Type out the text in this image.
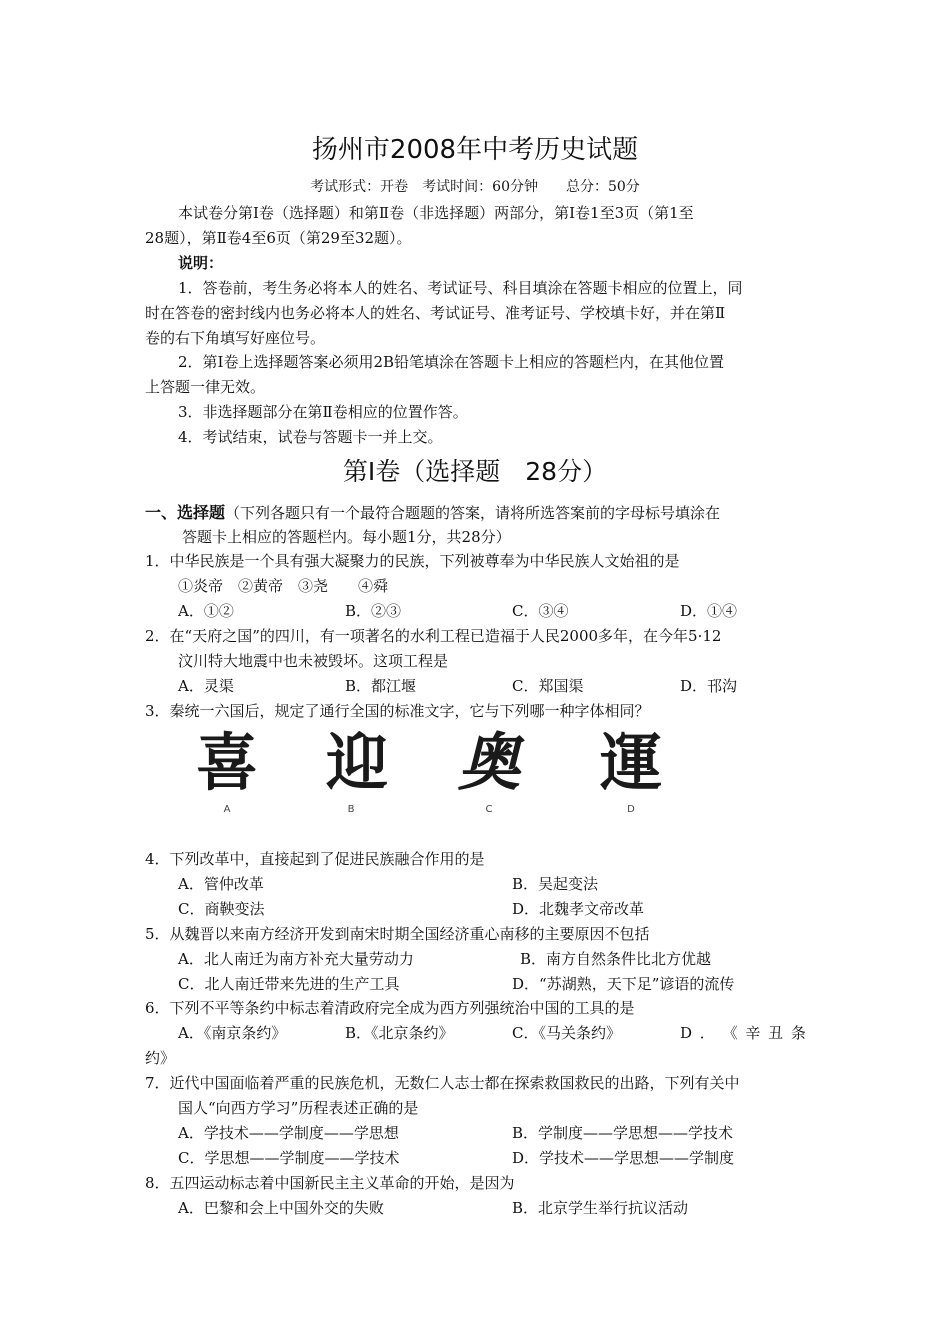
扬州市2008年中考历史试题
考试形式：开卷　考试时间：60分钟　　总分：50分
本试卷分第Ⅰ卷（选择题）和第Ⅱ卷（非选择题）两部分，第Ⅰ卷1至3页（第1至
28题），第Ⅱ卷4至6页（第29至32题）。
说明：
1．答卷前，考生务必将本人的姓名、考试证号、科目填涂在答题卡相应的位置上，同
时在答卷的密封线内也务必将本人的姓名、考试证号、准考证号、学校填卡好，并在第Ⅱ
卷的右下角填写好座位号。
2．第Ⅰ卷上选择题答案必须用2B铅笔填涂在答题卡上相应的答题栏内，在其他位置
上答题一律无效。
3．非选择题部分在第Ⅱ卷相应的位置作答。
4．考试结束，试卷与答题卡一并上交。
第Ⅰ卷（选择题　28分）
一、选择题（下列各题只有一个最符合题题的答案，请将所选答案前的字母标号填涂在
答题卡上相应的答题栏内。每小题1分，共28分）
1．中华民族是一个具有强大凝聚力的民族，下列被尊奉为中华民族人文始祖的是
①炎帝　②黄帝　③尧　　④舜
A．①②	B．②③	C．③④	D．①④
2．在“天府之国”的四川，有一项著名的水利工程已造福于人民2000多年，在今年5·12
汶川特大地震中也未被毁坏。这项工程是
A．灵渠	B．都江堰	C．郑国渠	D．邗沟
3．秦统一六国后，规定了通行全国的标准文字，它与下列哪一种字体相同？
喜 迎 奥 運
A	B	C	D
4．下列改革中，直接起到了促进民族融合作用的是
A．管仲改革	B．吴起变法
C．商鞅变法	D．北魏孝文帝改革
5．从魏晋以来南方经济开发到南宋时期全国经济重心南移的主要原因不包括
A．北人南迁为南方补充大量劳动力	B．南方自然条件比北方优越
C．北人南迁带来先进的生产工具	D．“苏湖熟，天下足”谚语的流传
6．下列不平等条约中标志着清政府完全成为西方列强统治中国的工具的是
A．《南京条约》	B．《北京条约》	C．《马关条约》	D ． 《 辛 丑 条
约》
7．近代中国面临着严重的民族危机，无数仁人志士都在探索救国救民的出路，下列有关中
国人“向西方学习”历程表述正确的是
A．学技术——学制度——学思想	B．学制度——学思想——学技术
C．学思想——学制度——学技术	D．学技术——学思想——学制度
8．五四运动标志着中国新民主主义革命的开始，是因为
A．巴黎和会上中国外交的失败	B．北京学生举行抗议活动
